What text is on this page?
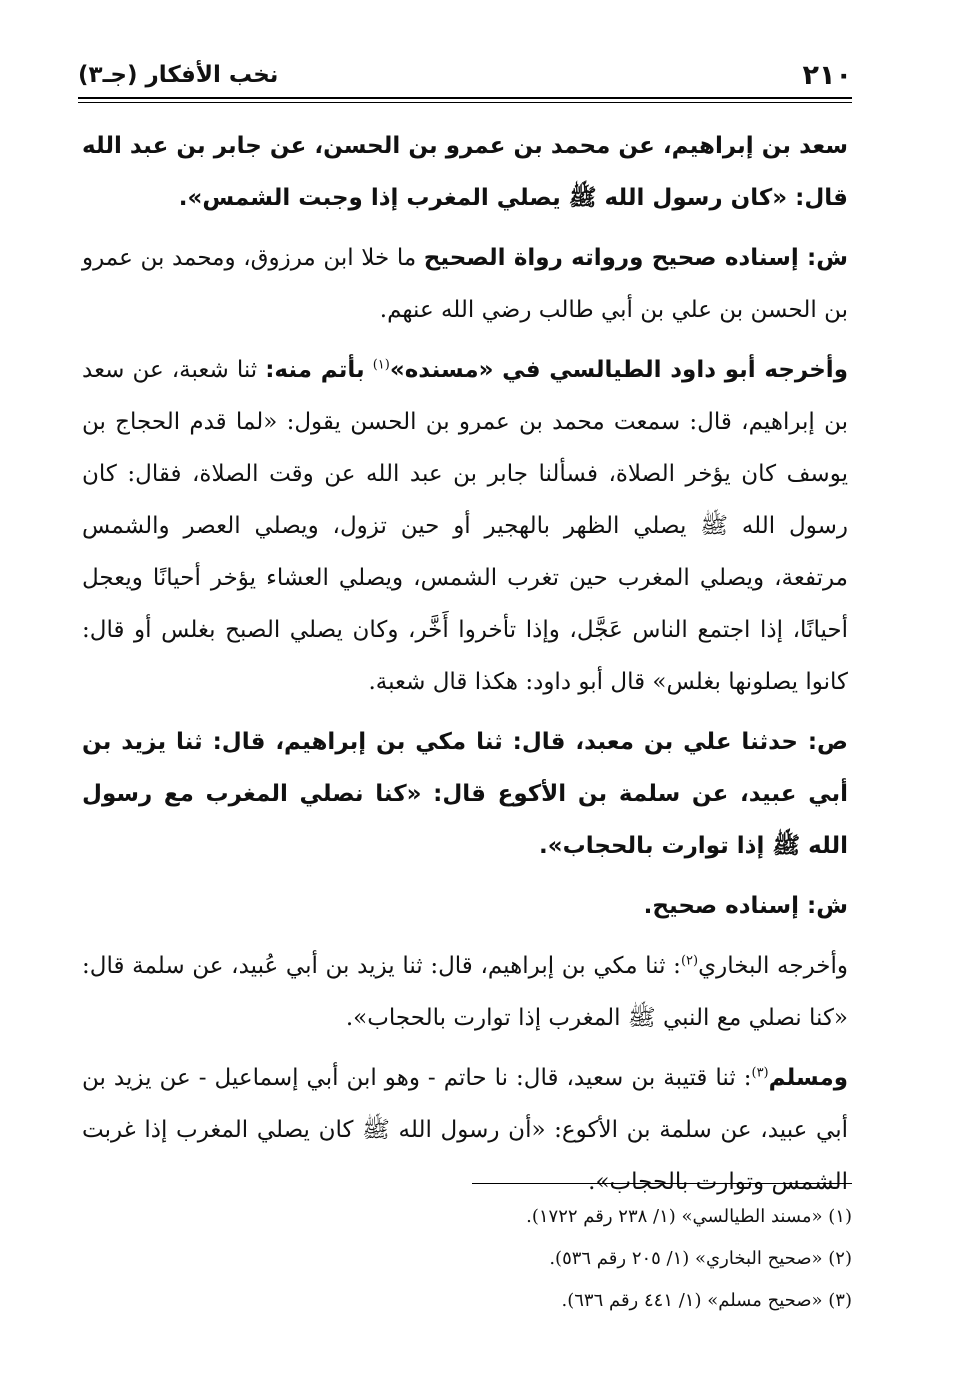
٢١٠
نخب الأفكار (جـ٣)

سعد بن إبراهيم، عن محمد بن عمرو بن الحسن، عن جابر بن عبد الله قال: «كان رسول الله ﷺ يصلي المغرب إذا وجبت الشمس».

ش: إسناده صحيح ورواته رواة الصحيح ما خلا ابن مرزوق، ومحمد بن عمرو بن الحسن بن علي بن أبي طالب رضي الله عنهم.

وأخرجه أبو داود الطيالسي في «مسنده»$^{(١)}$ بأتم منه: ثنا شعبة، عن سعد بن إبراهيم، قال: سمعت محمد بن عمرو بن الحسن يقول: «لما قدم الحجاج بن يوسف كان يؤخر الصلاة، فسألنا جابر بن عبد الله عن وقت الصلاة، فقال: كان رسول الله ﷺ يصلي الظهر بالهجير أو حين تزول، ويصلي العصر والشمس مرتفعة، ويصلي المغرب حين تغرب الشمس، ويصلي العشاء يؤخر أحيانًا ويعجل أحيانًا، إذا اجتمع الناس عَجَّل، وإذا تأخروا أَخَّر، وكان يصلي الصبح بغلس أو قال: كانوا يصلونها بغلس» قال أبو داود: هكذا قال شعبة.

ص: حدثنا علي بن معبد، قال: ثنا مكي بن إبراهيم، قال: ثنا يزيد بن أبي عبيد، عن سلمة بن الأكوع قال: «كنا نصلي المغرب مع رسول الله ﷺ إذا توارت بالحجاب».

ش: إسناده صحيح.

وأخرجه البخاري$^{(٢)}$: ثنا مكي بن إبراهيم، قال: ثنا يزيد بن أبي عُبيد، عن سلمة قال: «كنا نصلي مع النبي ﷺ المغرب إذا توارت بالحجاب».

ومسلم$^{(٣)}$: ثنا قتيبة بن سعيد، قال: نا حاتم - وهو ابن أبي إسماعيل - عن يزيد بن أبي عبيد، عن سلمة بن الأكوع: «أن رسول الله ﷺ كان يصلي المغرب إذا غربت الشمس وتوارت بالحجاب».

(١) «مسند الطيالسي» (١/ ٢٣٨ رقم ١٧٢٢).
(٢) «صحيح البخاري» (١/ ٢٠٥ رقم ٥٣٦).
(٣) «صحيح مسلم» (١/ ٤٤١ رقم ٦٣٦).
